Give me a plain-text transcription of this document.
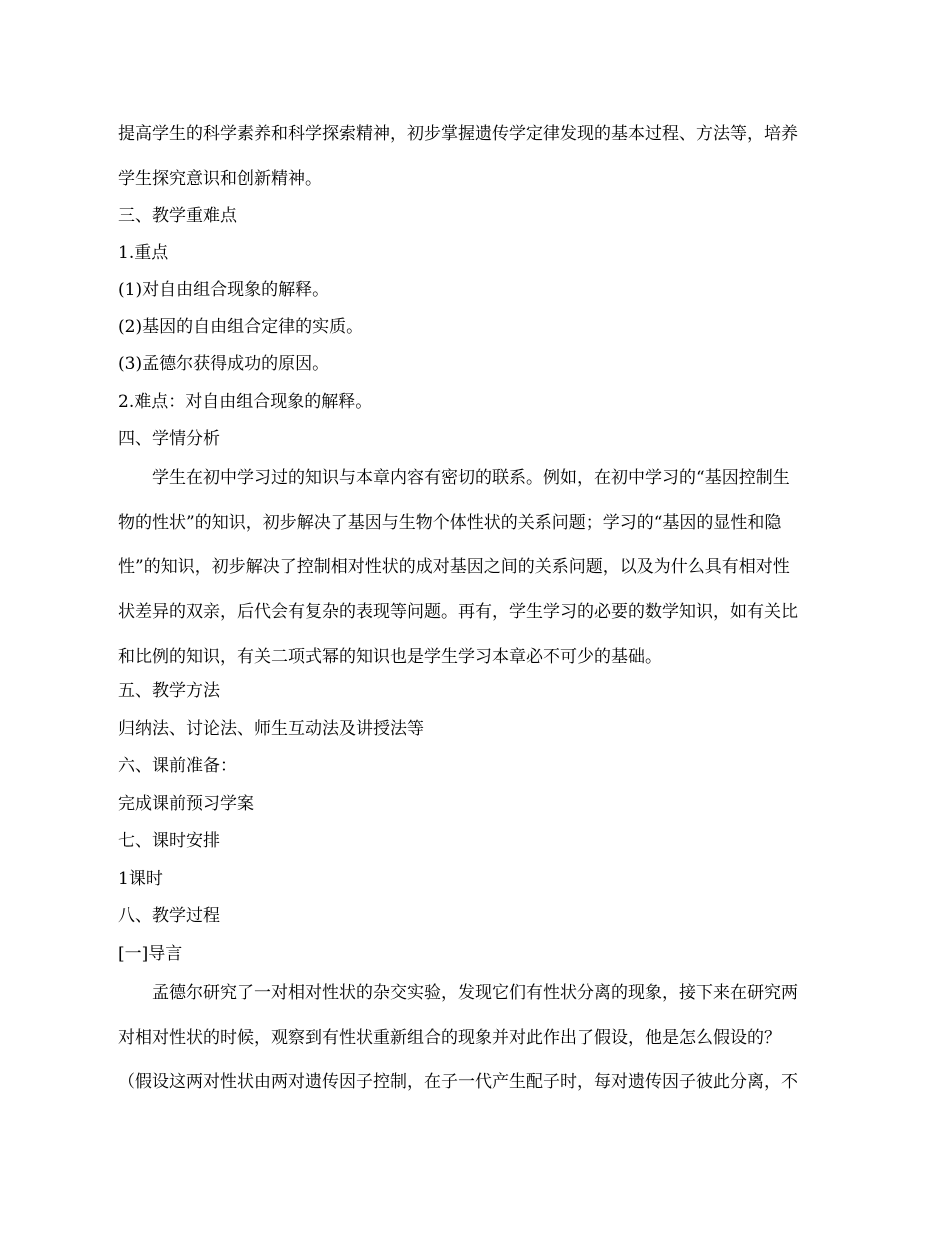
提高学生的科学素养和科学探索精神，初步掌握遗传学定律发现的基本过程、方法等，培养
学生探究意识和创新精神。
三、教学重难点
1.重点
(1)对自由组合现象的解释。
(2)基因的自由组合定律的实质。
(3)孟德尔获得成功的原因。
2.难点：对自由组合现象的解释。
四、学情分析
学生在初中学习过的知识与本章内容有密切的联系。例如，在初中学习的“基因控制生
物的性状”的知识，初步解决了基因与生物个体性状的关系问题；学习的“基因的显性和隐
性”的知识，初步解决了控制相对性状的成对基因之间的关系问题，以及为什么具有相对性
状差异的双亲，后代会有复杂的表现等问题。再有，学生学习的必要的数学知识，如有关比
和比例的知识，有关二项式幂的知识也是学生学习本章必不可少的基础。
五、教学方法
归纳法、讨论法、师生互动法及讲授法等
六、课前准备：
完成课前预习学案
七、课时安排
1课时
八、教学过程
[一]导言
孟德尔研究了一对相对性状的杂交实验，发现它们有性状分离的现象，接下来在研究两
对相对性状的时候，观察到有性状重新组合的现象并对此作出了假设，他是怎么假设的？
（假设这两对性状由两对遗传因子控制，在子一代产生配子时，每对遗传因子彼此分离，不
